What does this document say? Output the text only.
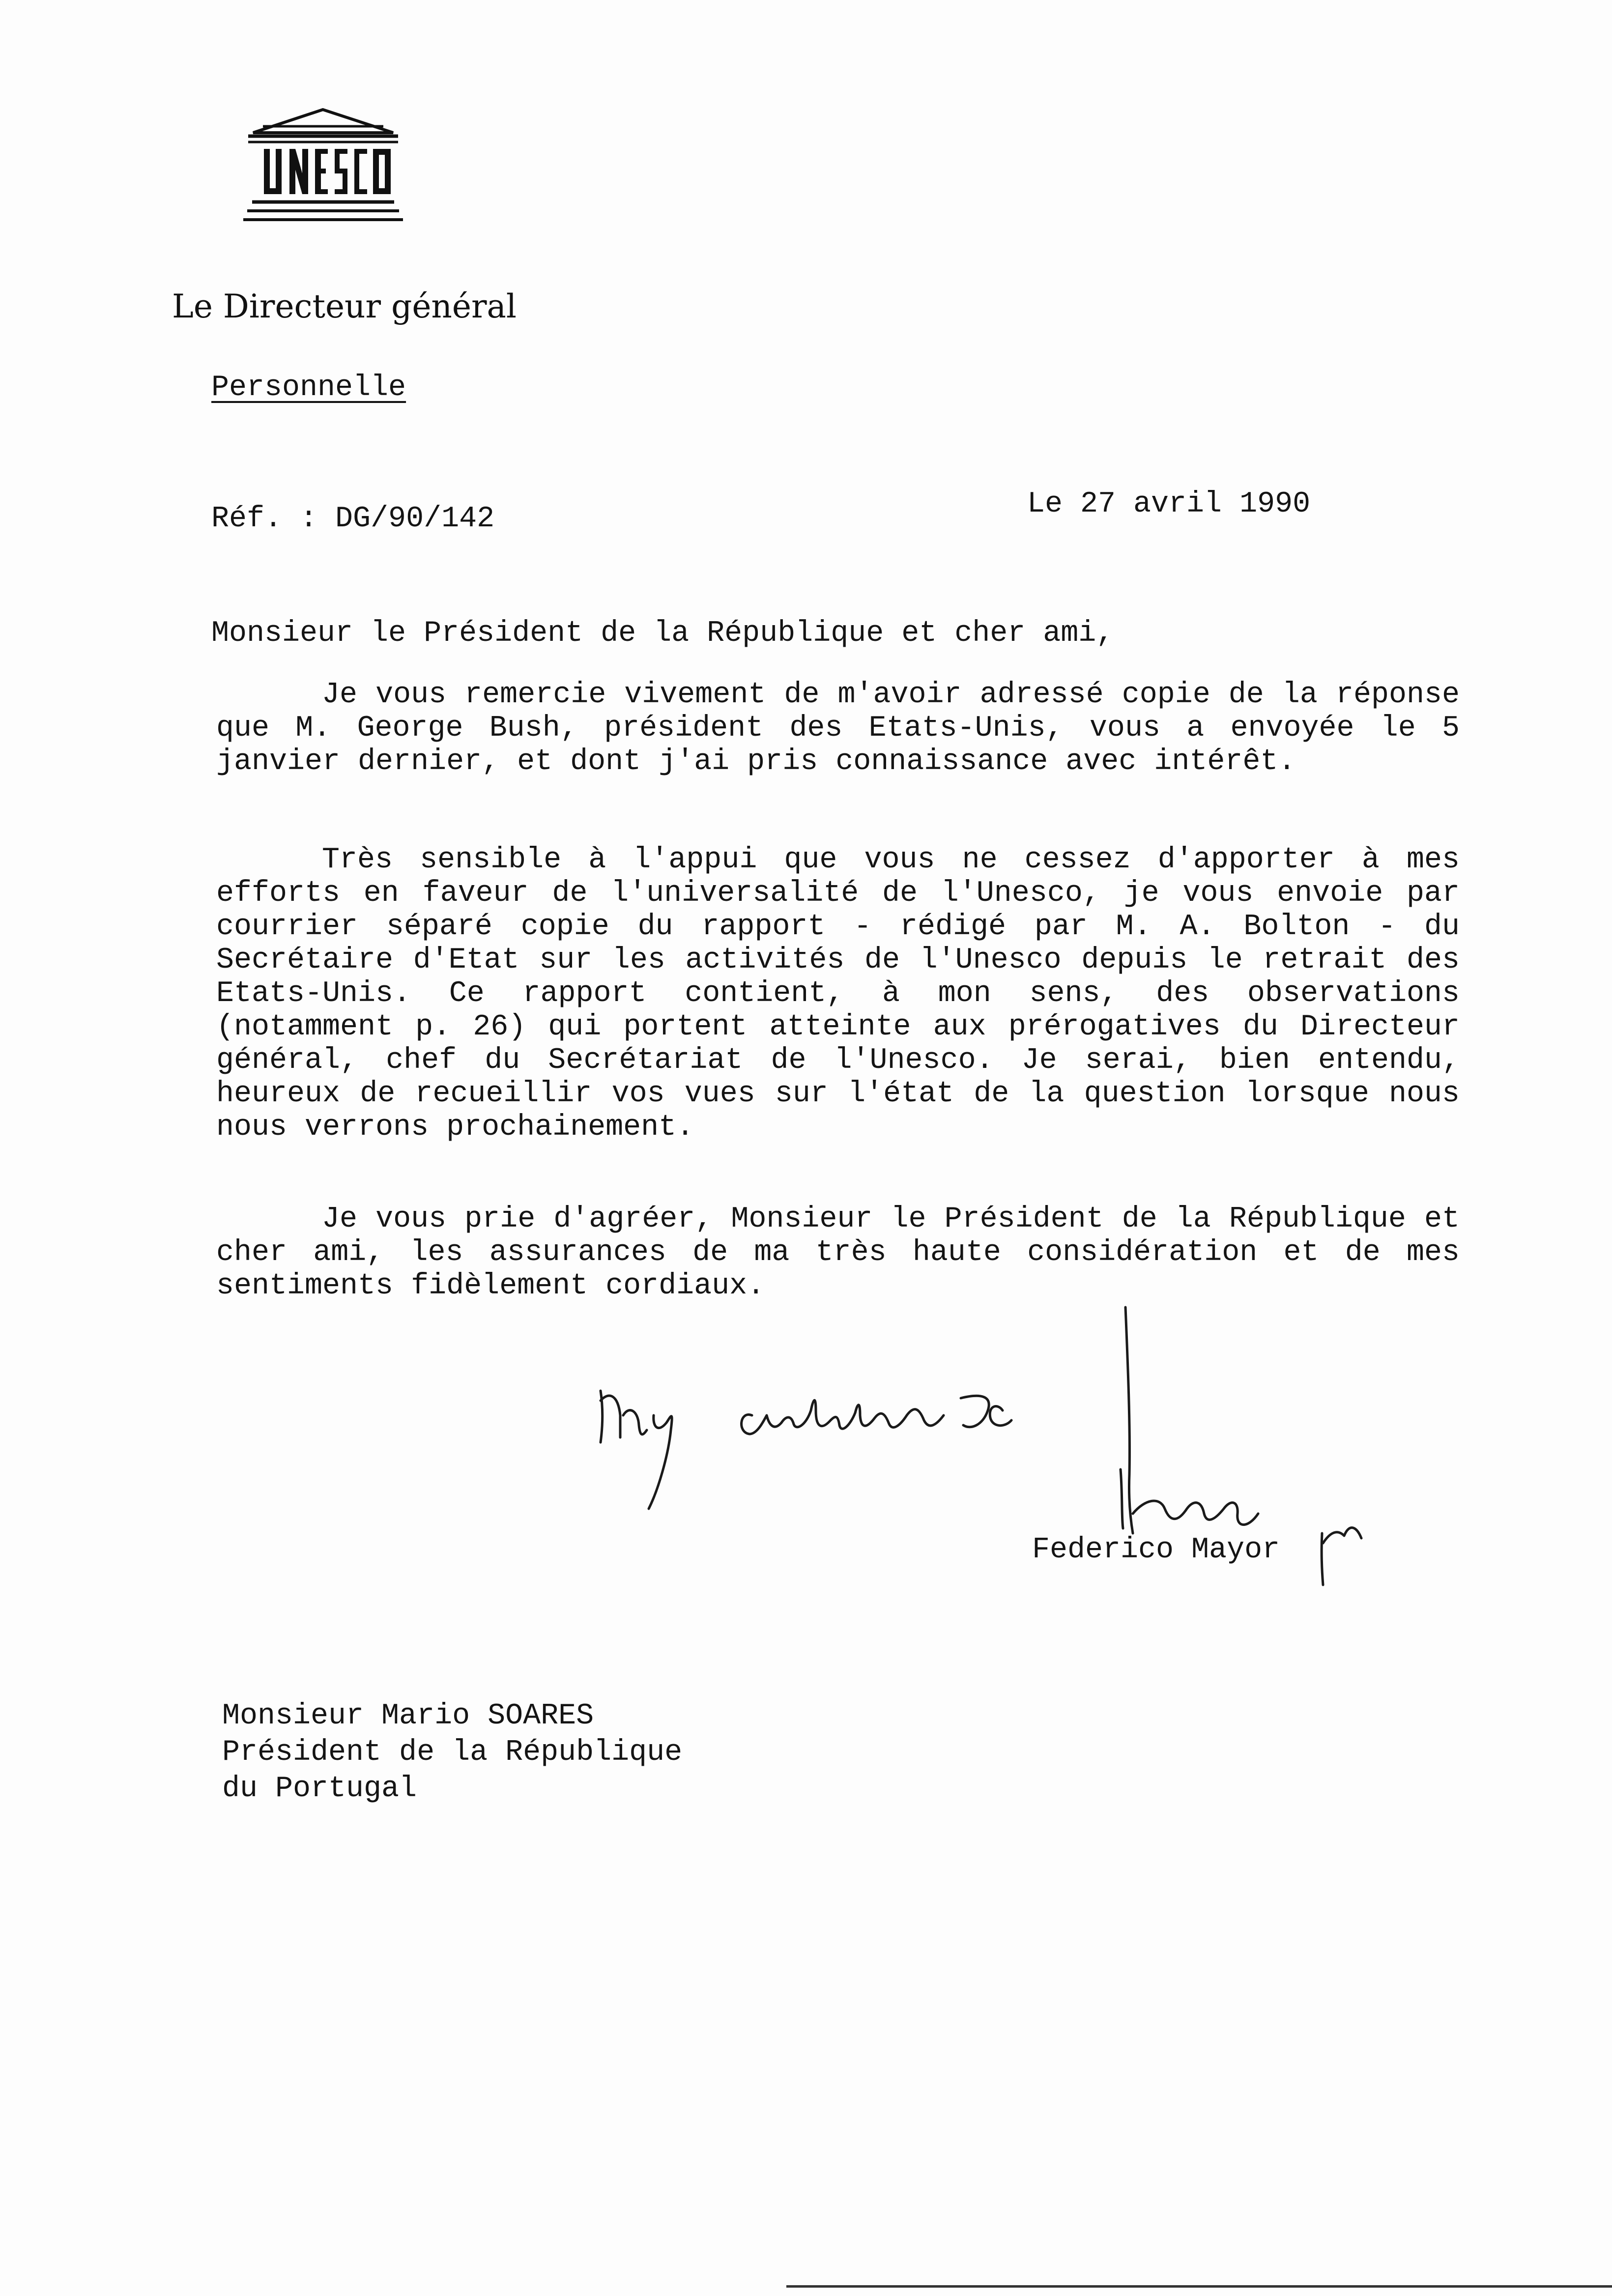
Le Directeur général
Personnelle
Réf. : DG/90/142	Le 27 avril 1990
Monsieur le Président de la République et cher ami,
Je vous remercie vivement de m'avoir adressé copie de la réponse que M. George Bush, président des Etats-Unis, vous a envoyée le 5 janvier dernier, et dont j'ai pris connaissance avec intérêt.
Très sensible à l'appui que vous ne cessez d'apporter à mes efforts en faveur de l'universalité de l'Unesco, je vous envoie par courrier séparé copie du rapport - rédigé par M. A. Bolton - du Secrétaire d'Etat sur les activités de l'Unesco depuis le retrait des Etats-Unis. Ce rapport contient, à mon sens, des observations (notamment p. 26) qui portent atteinte aux prérogatives du Directeur général, chef du Secrétariat de l'Unesco. Je serai, bien entendu, heureux de recueillir vos vues sur l'état de la question lorsque nous nous verrons prochainement.
Je vous prie d'agréer, Monsieur le Président de la République et cher ami, les assurances de ma très haute considération et de mes sentiments fidèlement cordiaux.
Federico Mayor
Monsieur Mario SOARES
Président de la République
du Portugal
